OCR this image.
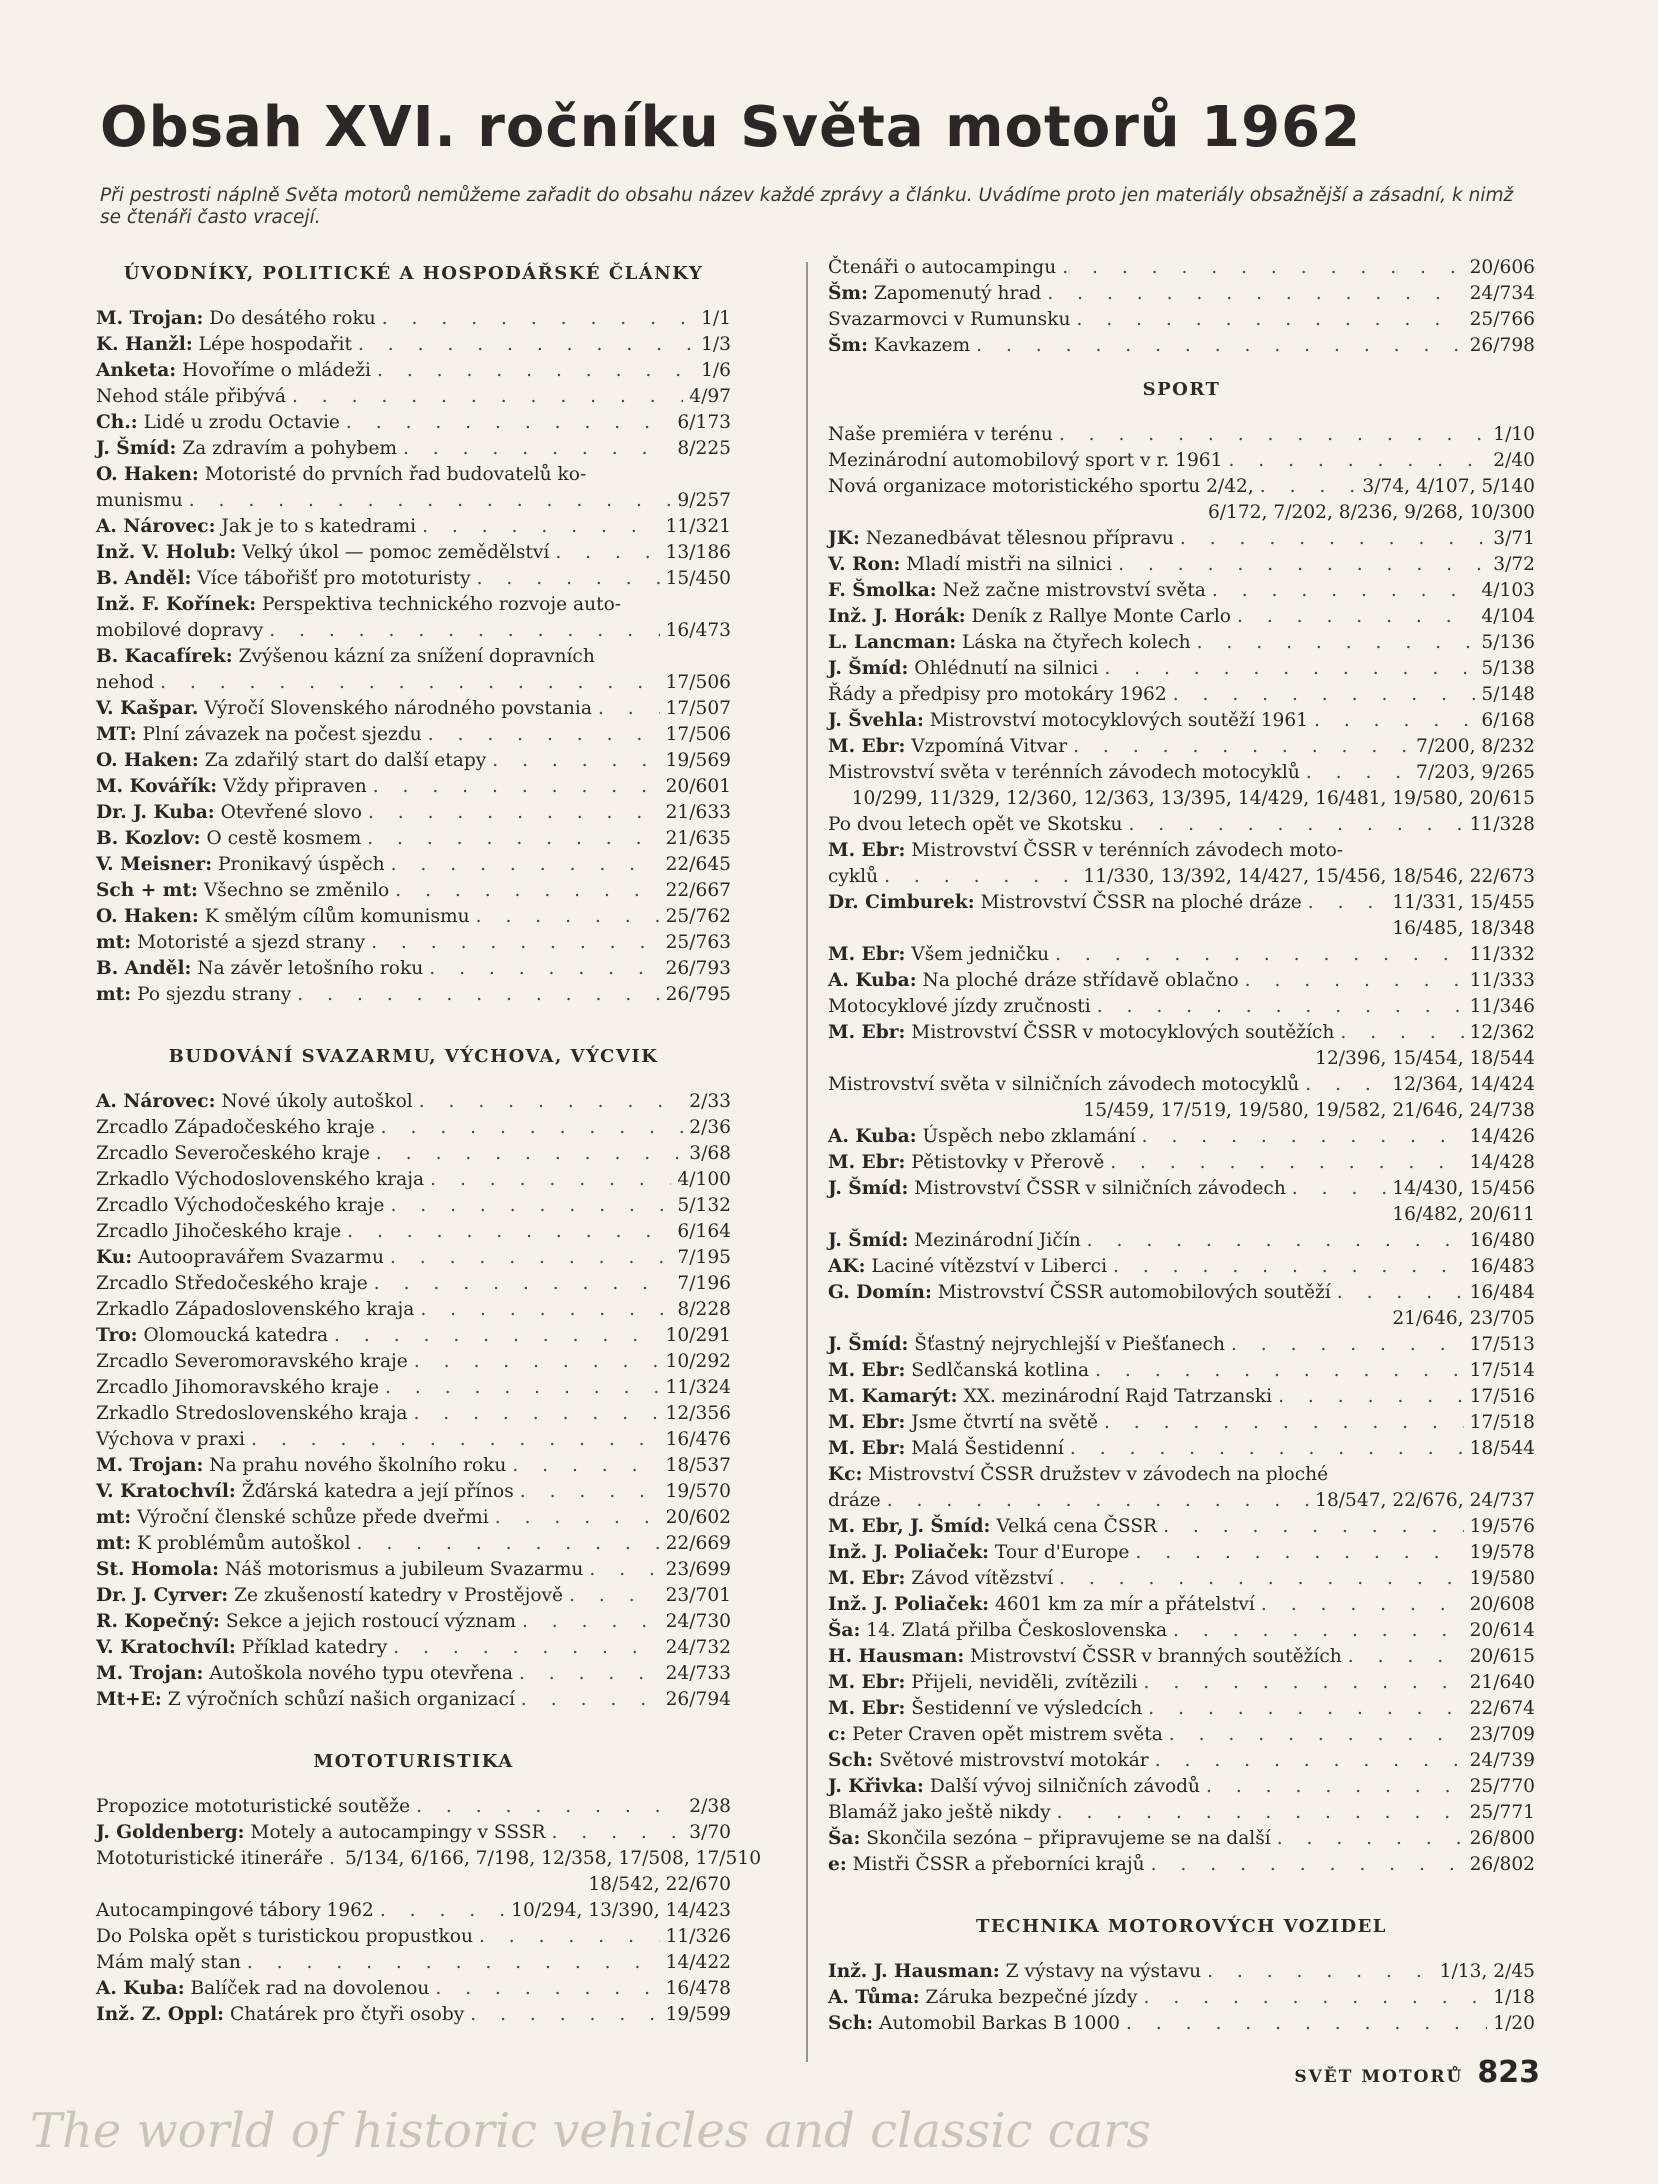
Obsah XVI. ročníku Světa motorů 1962
Při pestrosti náplně Světa motorů nemůžeme zařadit do obsahu název každé zprávy a článku. Uvádíme proto jen materiály obsažnější a zásadní, k nimž se čtenáři často vracejí.
ÚVODNÍKY, POLITICKÉ A HOSPODÁŘSKÉ ČLÁNKY
M. Trojan: Do desátého roku . . .	1/1
K. Hanžl: Lépe hospodařit . . .	1/3
Anketa: Hovoříme o mládeži . . .	1/6
Nehod stále přibývá . . .	4/97
Ch.: Lidé u zrodu Octavie . . .	6/173
J. Šmíd: Za zdravím a pohybem . . .	8/225
O. Haken: Motoristé do prvních řad budovatelů ko-
munismu . . .	9/257
A. Nárovec: Jak je to s katedrami . . .	11/321
Inž. V. Holub: Velký úkol — pomoc zemědělství . . .	13/186
B. Anděl: Více tábořišť pro mototuristy . . .	15/450
Inž. F. Kořínek: Perspektiva technického rozvoje auto-
mobilové dopravy . . .	16/473
B. Kacafírek: Zvýšenou kázní za snížení dopravních
nehod . . .	17/506
V. Kašpar. Výročí Slovenského národného povstania . . .	17/507
MT: Plní závazek na počest sjezdu . . .	17/506
O. Haken: Za zdařilý start do další etapy . . .	19/569
M. Kovářík: Vždy připraven . . .	20/601
Dr. J. Kuba: Otevřené slovo . . .	21/633
B. Kozlov: O cestě kosmem . . .	21/635
V. Meisner: Pronikavý úspěch . . .	22/645
Sch + mt: Všechno se změnilo . . .	22/667
O. Haken: K smělým cílům komunismu . . .	25/762
mt: Motoristé a sjezd strany . . .	25/763
B. Anděl: Na závěr letošního roku . . .	26/793
mt: Po sjezdu strany . . .	26/795
BUDOVÁNÍ SVAZARMU, VÝCHOVA, VÝCVIK
A. Nárovec: Nové úkoly autoškol . . .	2/33
Zrcadlo Západočeského kraje . . .	2/36
Zrcadlo Severočeského kraje . . .	3/68
Zrkadlo Východoslovenského kraja . . .	4/100
Zrcadlo Východočeského kraje . . .	5/132
Zrcadlo Jihočeského kraje . . .	6/164
Ku: Autoopravářem Svazarmu . . .	7/195
Zrcadlo Středočeského kraje . . .	7/196
Zrkadlo Západoslovenského kraja . . .	8/228
Tro: Olomoucká katedra . . .	10/291
Zrcadlo Severomoravského kraje . . .	10/292
Zrcadlo Jihomoravského kraje . . .	11/324
Zrkadlo Stredoslovenského kraja . . .	12/356
Výchova v praxi . . .	16/476
M. Trojan: Na prahu nového školního roku . . .	18/537
V. Kratochvíl: Žďárská katedra a její přínos . . .	19/570
mt: Výroční členské schůze přede dveřmi . . .	20/602
mt: K problémům autoškol . . .	22/669
St. Homola: Náš motorismus a jubileum Svazarmu . . .	23/699
Dr. J. Cyrver: Ze zkušeností katedry v Prostějově . . .	23/701
R. Kopečný: Sekce a jejich rostoucí význam . . .	24/730
V. Kratochvíl: Příklad katedry . . .	24/732
M. Trojan: Autoškola nového typu otevřena . . .	24/733
Mt+E: Z výročních schůzí našich organizací . . .	26/794
MOTOTURISTIKA
Propozice mototuristické soutěže . . .	2/38
J. Goldenberg: Motely a autocampingy v SSSR . . .	3/70
Mototuristické itineráře . . . 5/134, 6/166, 7/198, 12/358, 17/508, 17/510
18/542, 22/670
Autocampingové tábory 1962 . . .	10/294, 13/390, 14/423
Do Polska opět s turistickou propustkou . . .	11/326
Mám malý stan . . .	14/422
A. Kuba: Balíček rad na dovolenou . . .	16/478
Inž. Z. Oppl: Chatárek pro čtyři osoby . . .	19/599
Čtenáři o autocampingu . . .	20/606
Šm: Zapomenutý hrad . . .	24/734
Svazarmovci v Rumunsku . . .	25/766
Šm: Kavkazem . . .	26/798
SPORT
Naše premiéra v terénu . . .	1/10
Mezinárodní automobilový sport v r. 1961 . . .	2/40
Nová organizace motoristického sportu 2/42, . . .	3/74, 4/107, 5/140
6/172, 7/202, 8/236, 9/268, 10/300
JK: Nezanedbávat tělesnou přípravu . . .	3/71
V. Ron: Mladí mistři na silnici . . .	3/72
F. Šmolka: Než začne mistrovství světa . . .	4/103
Inž. J. Horák: Deník z Rallye Monte Carlo . . .	4/104
L. Lancman: Láska na čtyřech kolech . . .	5/136
J. Šmíd: Ohlédnutí na silnici . . .	5/138
Řády a předpisy pro motokáry 1962 . . .	5/148
J. Švehla: Mistrovství motocyklových soutěží 1961 . . .	6/168
M. Ebr: Vzpomíná Vitvar . . .	7/200, 8/232
Mistrovství světa v terénních závodech motocyklů . . .	7/203, 9/265
10/299, 11/329, 12/360, 12/363, 13/395, 14/429, 16/481, 19/580, 20/615
Po dvou letech opět ve Skotsku . . .	11/328
M. Ebr: Mistrovství ČSSR v terénních závodech moto-
cyklů . . .	11/330, 13/392, 14/427, 15/456, 18/546, 22/673
Dr. Cimburek: Mistrovství ČSSR na ploché dráze . . .	11/331, 15/455
16/485, 18/348
M. Ebr: Všem jedničku . . .	11/332
A. Kuba: Na ploché dráze střídavě oblačno . . .	11/333
Motocyklové jízdy zručnosti . . .	11/346
M. Ebr: Mistrovství ČSSR v motocyklových soutěžích . . .	12/362
12/396, 15/454, 18/544
Mistrovství světa v silničních závodech motocyklů . . .	12/364, 14/424
15/459, 17/519, 19/580, 19/582, 21/646, 24/738
A. Kuba: Úspěch nebo zklamání . . .	14/426
M. Ebr: Pětistovky v Přerově . . .	14/428
J. Šmíd: Mistrovství ČSSR v silničních závodech . . .	14/430, 15/456
16/482, 20/611
J. Šmíd: Mezinárodní Jičín . . .	16/480
AK: Laciné vítězství v Liberci . . .	16/483
G. Domín: Mistrovství ČSSR automobilových soutěží . . .	16/484
21/646, 23/705
J. Šmíd: Šťastný nejrychlejší v Piešťanech . . .	17/513
M. Ebr: Sedlčanská kotlina . . .	17/514
M. Kamarýt: XX. mezinárodní Rajd Tatrzanski . . .	17/516
M. Ebr: Jsme čtvrtí na světě . . .	17/518
M. Ebr: Malá Šestidenní . . .	18/544
Kc: Mistrovství ČSSR družstev v závodech na ploché
dráze . . .	18/547, 22/676, 24/737
M. Ebr, J. Šmíd: Velká cena ČSSR . . .	19/576
Inž. J. Poliaček: Tour d'Europe . . .	19/578
M. Ebr: Závod vítězství . . .	19/580
Inž. J. Poliaček: 4601 km za mír a přátelství . . .	20/608
Ša: 14. Zlatá přilba Československa . . .	20/614
H. Hausman: Mistrovství ČSSR v branných soutěžích . . .	20/615
M. Ebr: Přijeli, neviděli, zvítězili . . .	21/640
M. Ebr: Šestidenní ve výsledcích . . .	22/674
c: Peter Craven opět mistrem světa . . .	23/709
Sch: Světové mistrovství motokár . . .	24/739
J. Křivka: Další vývoj silničních závodů . . .	25/770
Blamáž jako ještě nikdy . . .	25/771
Ša: Skončila sezóna – připravujeme se na další . . .	26/800
e: Mistři ČSSR a přeborníci krajů . . .	26/802
TECHNIKA MOTOROVÝCH VOZIDEL
Inž. J. Hausman: Z výstavy na výstavu . . .	1/13, 2/45
A. Tůma: Záruka bezpečné jízdy . . .	1/18
Sch: Automobil Barkas B 1000 . . .	1/20
SVĚT MOTORŮ 823
The world of historic vehicles and classic cars
